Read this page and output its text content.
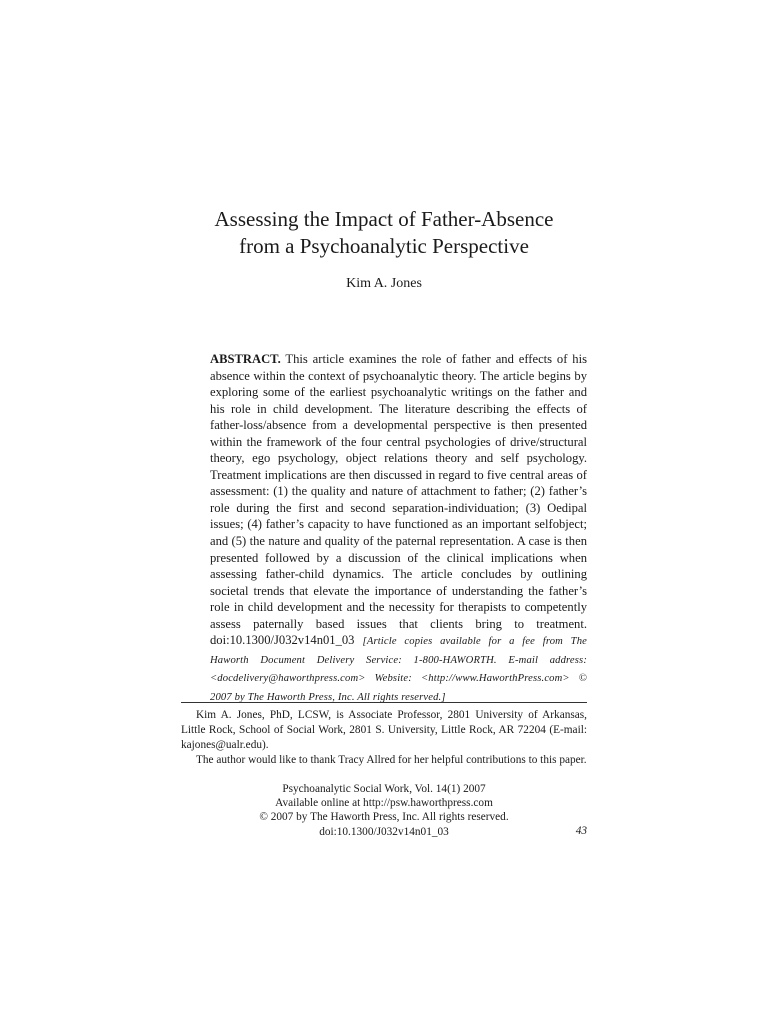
Assessing the Impact of Father-Absence
from a Psychoanalytic Perspective
Kim A. Jones
ABSTRACT. This article examines the role of father and effects of his absence within the context of psychoanalytic theory. The article begins by exploring some of the earliest psychoanalytic writings on the father and his role in child development. The literature describing the effects of father-loss/absence from a developmental perspective is then presented within the framework of the four central psychologies of drive/structural theory, ego psychology, object relations theory and self psychology. Treatment implications are then discussed in regard to five central areas of assessment: (1) the quality and nature of attachment to father; (2) father’s role during the first and second separation-individuation; (3) Oedipal issues; (4) father’s capacity to have functioned as an important selfobject; and (5) the nature and quality of the paternal representation. A case is then presented followed by a discussion of the clinical implications when assessing father-child dynamics. The article concludes by outlining societal trends that elevate the importance of understanding the father’s role in child development and the necessity for therapists to competently assess paternally based issues that clients bring to treatment. doi:10.1300/J032v14n01_03 [Article copies available for a fee from The Haworth Document Delivery Service: 1-800-HAWORTH. E-mail address: <docdelivery@haworthpress.com> Website: <http://www.HaworthPress.com> © 2007 by The Haworth Press, Inc. All rights reserved.]

Kim A. Jones, PhD, LCSW, is Associate Professor, 2801 University of Arkansas, Little Rock, School of Social Work, 2801 S. University, Little Rock, AR 72204 (E-mail: kajones@ualr.edu).

The author would like to thank Tracy Allred for her helpful contributions to this paper.

Psychoanalytic Social Work, Vol. 14(1) 2007
Available online at http://psw.haworthpress.com
© 2007 by The Haworth Press, Inc. All rights reserved.
doi:10.1300/J032v14n01_03	43
